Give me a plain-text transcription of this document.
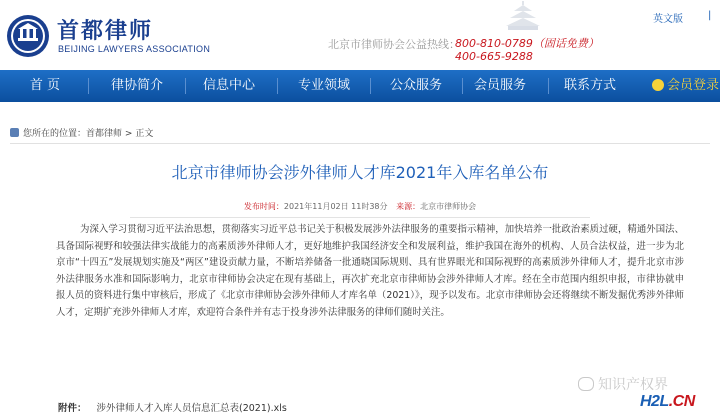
首都律师
BEIJING LAWYERS ASSOCIATION	北京市律师协会公益热线：
800-810-0789（固话免费）
400-665-9288
英文版	|
首 页	律协简介	信息中心	专业领域	公众服务	会员服务	联系方式	会员登录
您所在的位置：首都律师 > 正文
北京市律师协会涉外律师人才库2021年入库名单公布
发布时间：2021年11月02日 11时38分 来源：北京市律师协会
为深入学习贯彻习近平法治思想，贯彻落实习近平总书记关于积极发展涉外法律服务的重要指示精神，加快培养一批政治素质过硬，精通外国法、具备国际视野和较强法律实战能力的高素质涉外律师人才，更好地维护我国经济安全和发展利益，维护我国在海外的机构、人员合法权益，进一步为北京市“十四五”发展规划实施及“两区”建设贡献力量，不断培养储备一批通晓国际规则、具有世界眼光和国际视野的高素质涉外律师人才，提升北京市涉外法律服务水准和国际影响力，北京市律师协会决定在现有基础上，再次扩充北京市律师协会涉外律师人才库。经在全市范围内组织申报，市律协就申报人员的资料进行集中审核后，形成了《北京市律师协会涉外律师人才库名单（2021）》，现予以发布。北京市律师协会还将继续不断发掘优秀涉外律师人才，定期扩充涉外律师人才库，欢迎符合条件并有志于投身涉外法律服务的律师们随时关注。
附件： 涉外律师人才入库人员信息汇总表(2021).xls
知识产权界
H2L.CN
